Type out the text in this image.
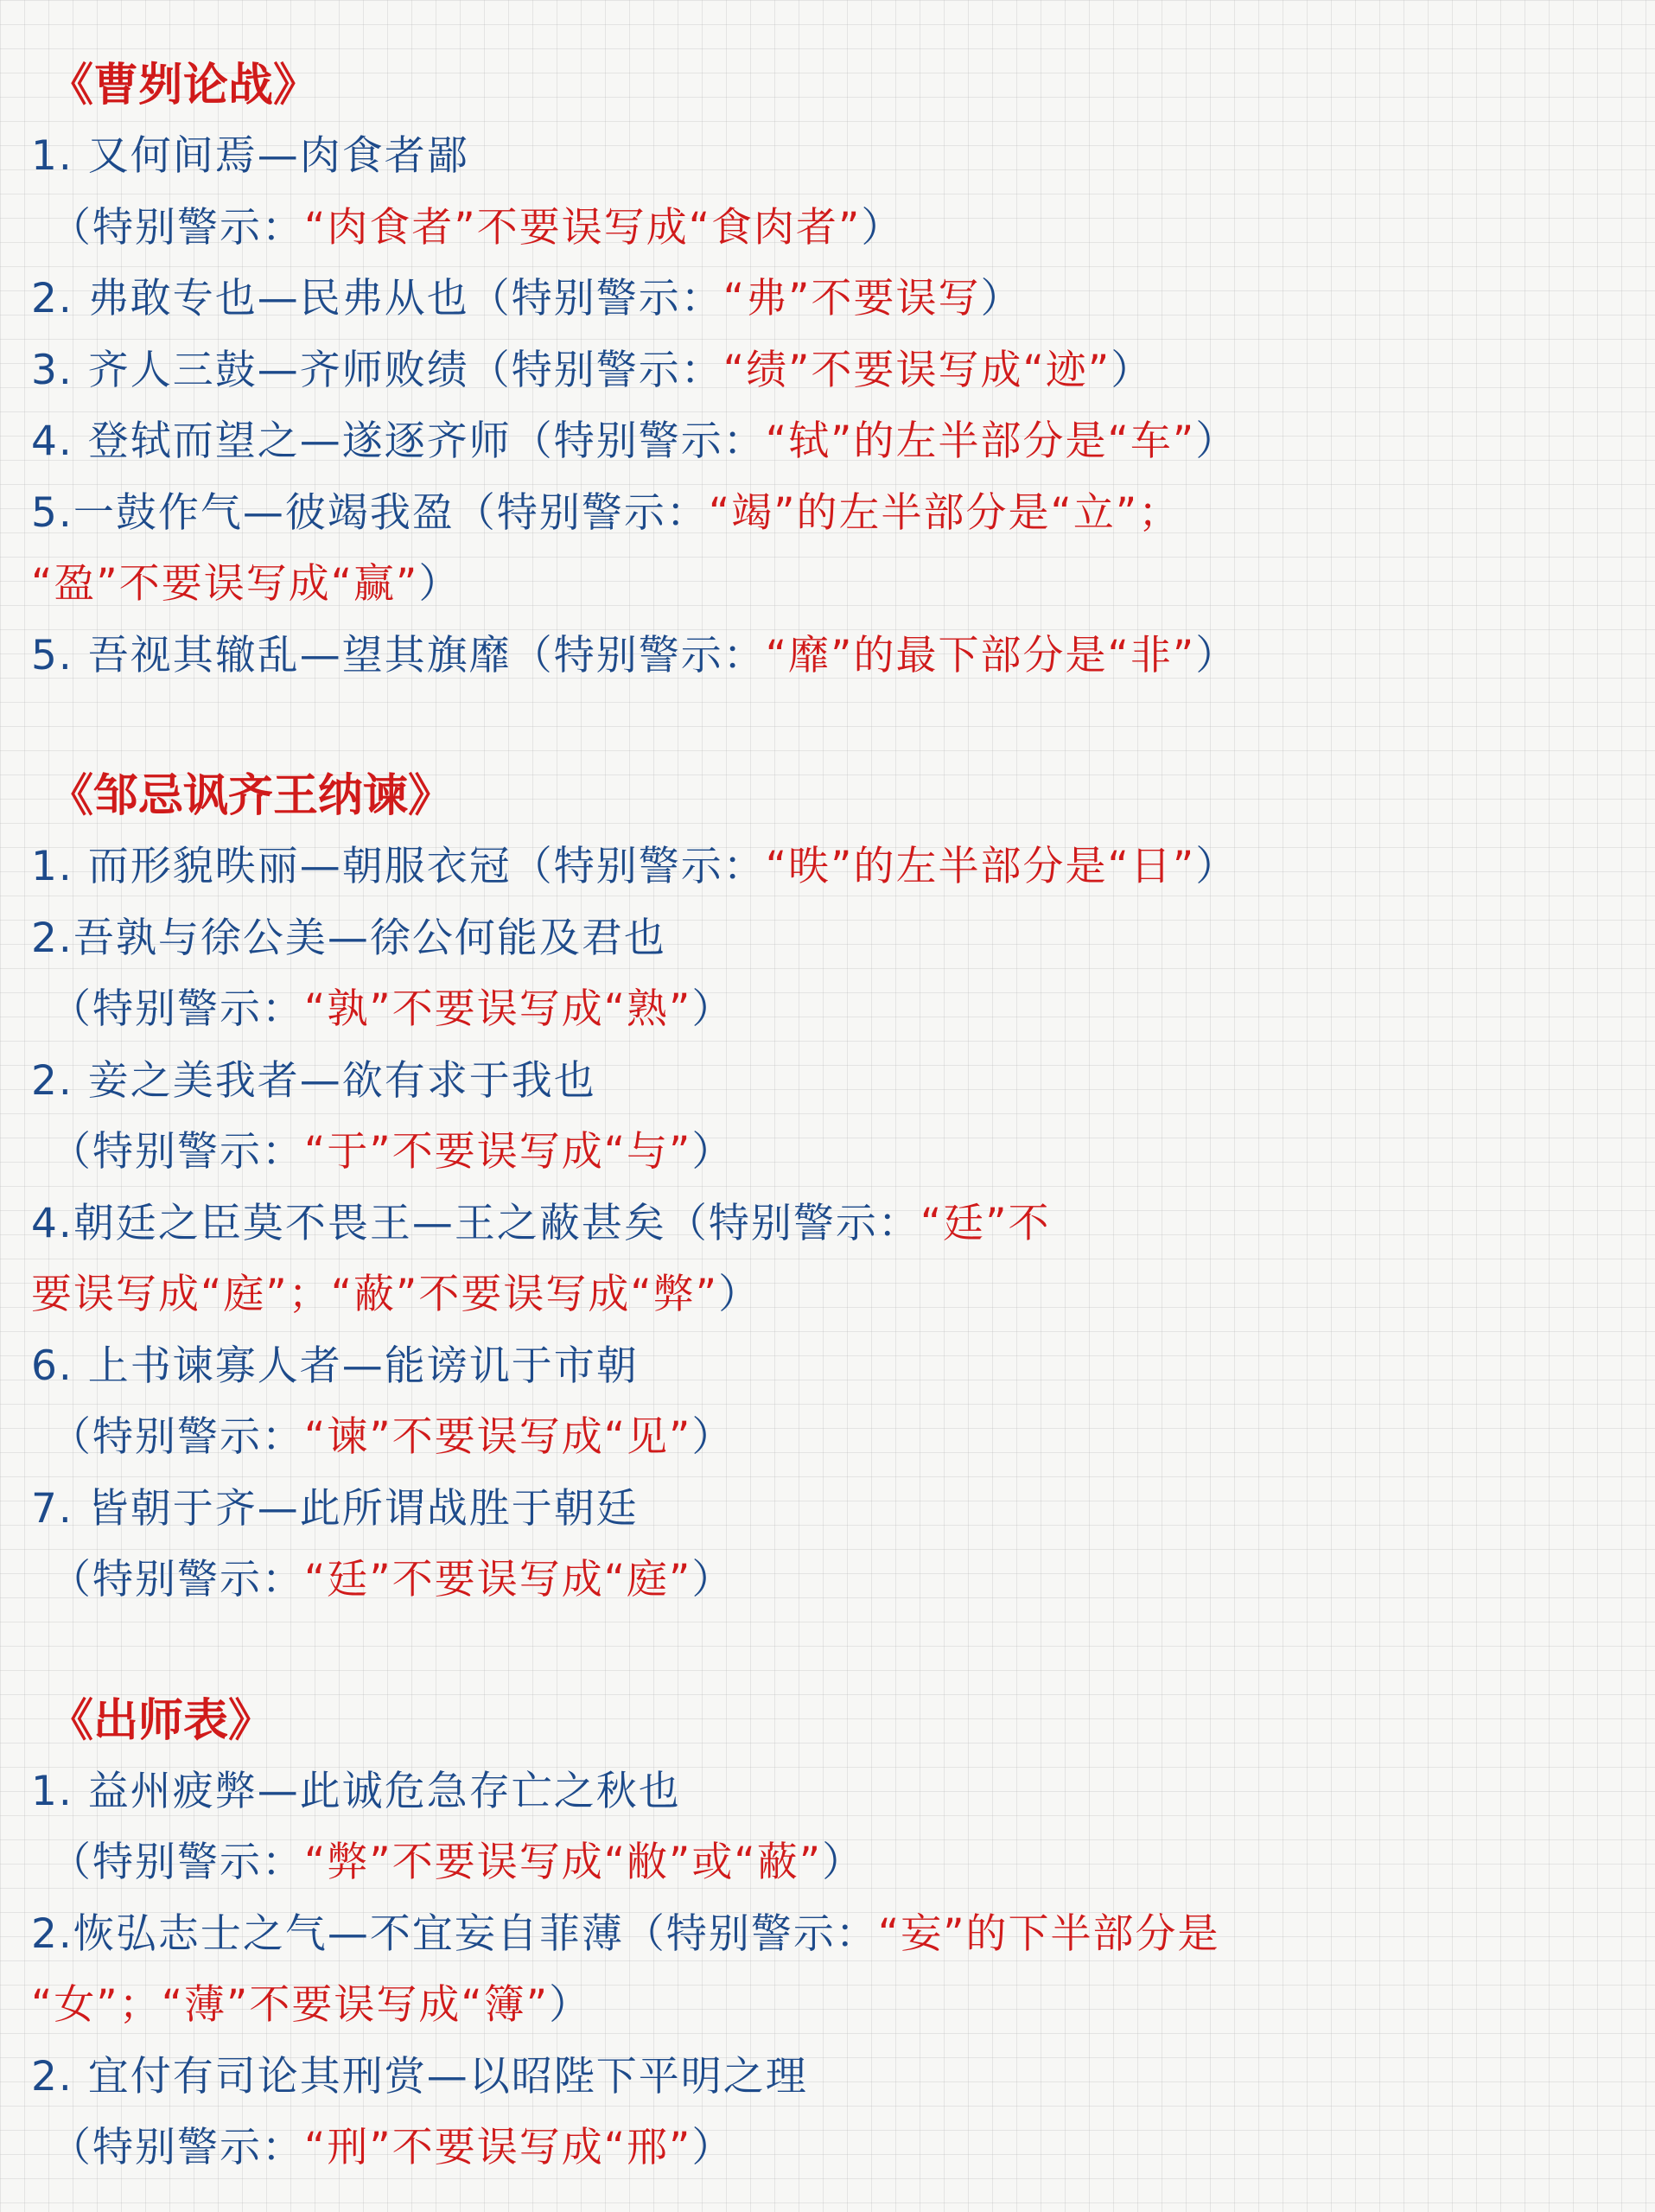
《曹刿论战》
1. 又何间焉—肉食者鄙
（特别警示：“肉食者”不要误写成“食肉者”）
2. 弗敢专也—民弗从也（特别警示：“弗”不要误写）
3. 齐人三鼓—齐师败绩（特别警示：“绩”不要误写成“迹”）
4. 登轼而望之—遂逐齐师（特别警示：“轼”的左半部分是“车”）
5.一鼓作气—彼竭我盈（特别警示：“竭”的左半部分是“立”；
“盈”不要误写成“赢”）
5. 吾视其辙乱—望其旗靡（特别警示：“靡”的最下部分是“非”）
《邹忌讽齐王纳谏》
1. 而形貌昳丽—朝服衣冠（特别警示：“昳”的左半部分是“日”）
2.吾孰与徐公美—徐公何能及君也
（特别警示：“孰”不要误写成“熟”）
2. 妾之美我者—欲有求于我也
（特别警示：“于”不要误写成“与”）
4.朝廷之臣莫不畏王—王之蔽甚矣（特别警示：“廷”不
要误写成“庭”；“蔽”不要误写成“弊”）
6. 上书谏寡人者—能谤讥于市朝
（特别警示：“谏”不要误写成“见”）
7. 皆朝于齐—此所谓战胜于朝廷
（特别警示：“廷”不要误写成“庭”）
《出师表》
1. 益州疲弊—此诚危急存亡之秋也
（特别警示：“弊”不要误写成“敝”或“蔽”）
2.恢弘志士之气—不宜妄自菲薄（特别警示：“妄”的下半部分是
“女”；“薄”不要误写成“簿”）
2. 宜付有司论其刑赏—以昭陛下平明之理
（特别警示：“刑”不要误写成“邢”）
